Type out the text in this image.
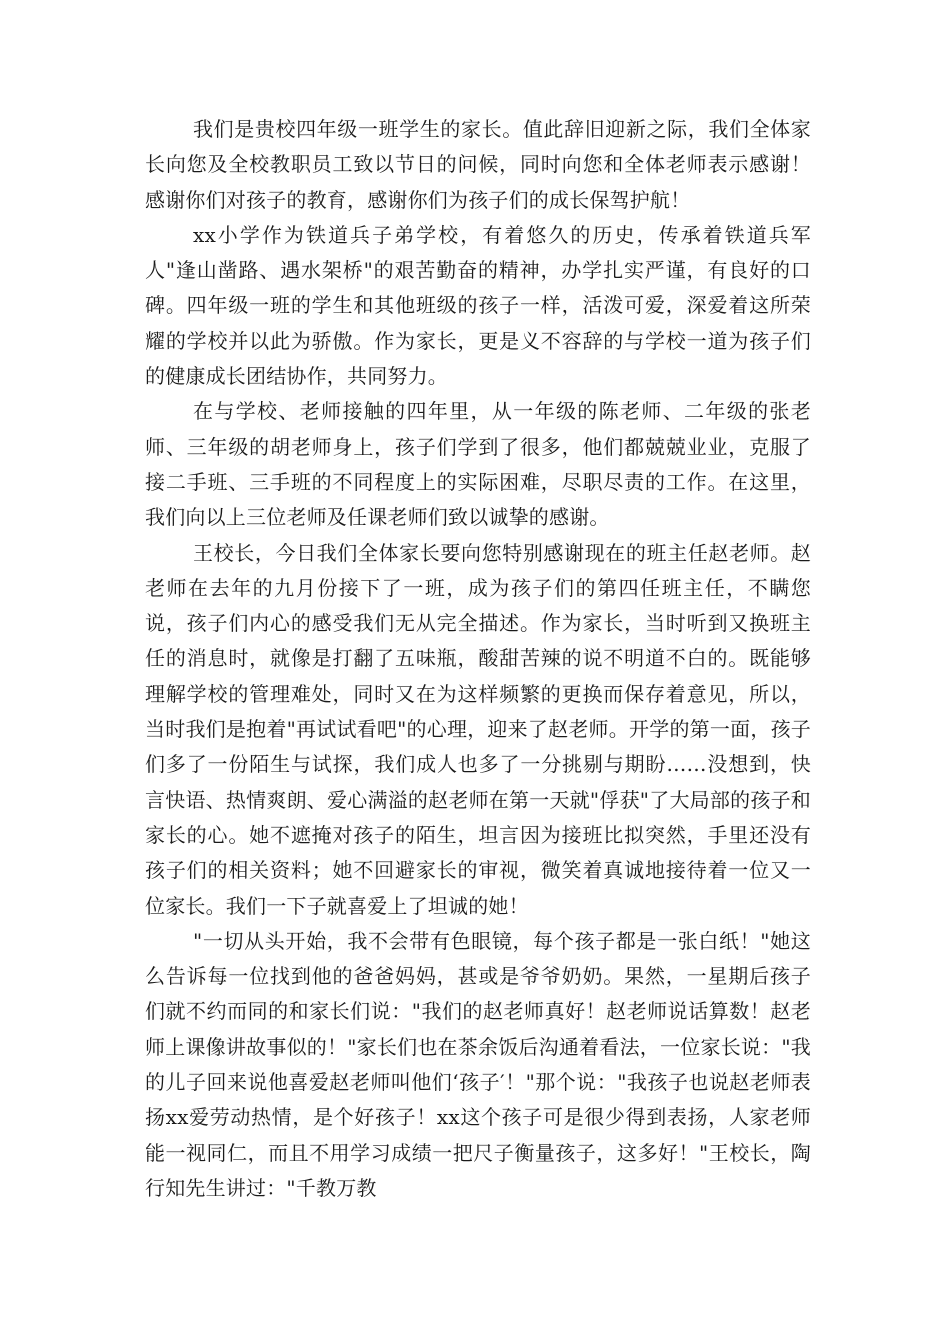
我们是贵校四年级一班学生的家长。值此辞旧迎新之际，我们全体家长向您及全校教职员工致以节日的问候，同时向您和全体老师表示感谢！感谢你们对孩子的教育，感谢你们为孩子们的成长保驾护航！

xx小学作为铁道兵子弟学校，有着悠久的历史，传承着铁道兵军人"逢山凿路、遇水架桥"的艰苦勤奋的精神，办学扎实严谨，有良好的口碑。四年级一班的学生和其他班级的孩子一样，活泼可爱，深爱着这所荣耀的学校并以此为骄傲。作为家长，更是义不容辞的与学校一道为孩子们的健康成长团结协作，共同努力。

在与学校、老师接触的四年里，从一年级的陈老师、二年级的张老师、三年级的胡老师身上，孩子们学到了很多，他们都兢兢业业，克服了接二手班、三手班的不同程度上的实际困难，尽职尽责的工作。在这里，我们向以上三位老师及任课老师们致以诚挚的感谢。

王校长，今日我们全体家长要向您特别感谢现在的班主任赵老师。赵老师在去年的九月份接下了一班，成为孩子们的第四任班主任，不瞒您说，孩子们内心的感受我们无从完全描述。作为家长，当时听到又换班主任的消息时，就像是打翻了五味瓶，酸甜苦辣的说不明道不白的。既能够理解学校的管理难处，同时又在为这样频繁的更换而保存着意见，所以，当时我们是抱着"再试试看吧"的心理，迎来了赵老师。开学的第一面，孩子们多了一份陌生与试探，我们成人也多了一分挑剔与期盼……没想到，快言快语、热情爽朗、爱心满溢的赵老师在第一天就"俘获"了大局部的孩子和家长的心。她不遮掩对孩子的陌生，坦言因为接班比拟突然，手里还没有孩子们的相关资料；她不回避家长的审视，微笑着真诚地接待着一位又一位家长。我们一下子就喜爱上了坦诚的她！

"一切从头开始，我不会带有色眼镜，每个孩子都是一张白纸！"她这么告诉每一位找到他的爸爸妈妈，甚或是爷爷奶奶。果然，一星期后孩子们就不约而同的和家长们说："我们的赵老师真好！赵老师说话算数！赵老师上课像讲故事似的！"家长们也在茶余饭后沟通着看法，一位家长说："我的儿子回来说他喜爱赵老师叫他们‘孩子′！"那个说："我孩子也说赵老师表扬xx爱劳动热情，是个好孩子！xx这个孩子可是很少得到表扬，人家老师能一视同仁，而且不用学习成绩一把尺子衡量孩子，这多好！"王校长，陶行知先生讲过："千教万教
